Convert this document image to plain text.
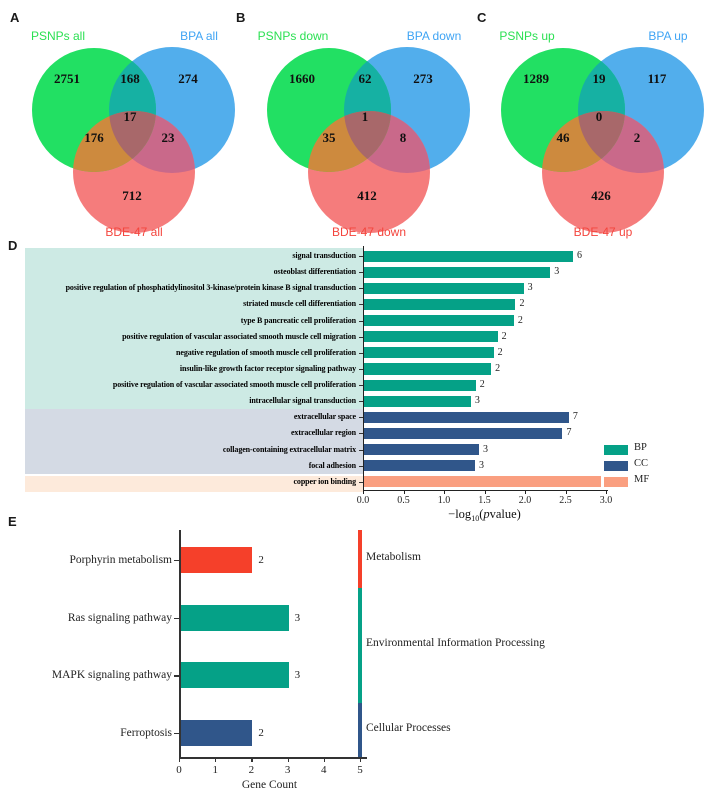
A	B	C
D
E
PSNPs all	BPA all
BDE-47 all
2751	168	274
17
176	23
712
PSNPs down	BPA down
BDE-47 down
1660	62	273
1
35	8
412
PSNPs up	BPA up
BDE-47 up
1289	19	117
0
46	2
426
signal transduction	6
osteoblast differentiation	3
positive regulation of phosphatidylinositol 3-kinase/protein kinase B signal transduction	3
striated muscle cell differentiation	2
type B pancreatic cell proliferation	2
positive regulation of vascular associated smooth muscle cell migration	2
negative regulation of smooth muscle cell proliferation	2
insulin-like growth factor receptor signaling pathway	2
positive regulation of vascular associated smooth muscle cell proliferation	2
intracellular signal transduction	3
extracellular space	7
extracellular region	7
collagen-containing extracellular matrix	3
focal adhesion	3
copper ion binding
0.0	0.5	1.0	1.5	2.0	2.5	3.0
$-\log_{10}(pvalue)$
BP
CC
MF
Porphyrin metabolism	2
Ras signaling pathway	3
MAPK signaling pathway	3
Ferroptosis	2
0	1	2	3	4	5
Gene Count
Metabolism
Environmental Information Processing
Cellular Processes
